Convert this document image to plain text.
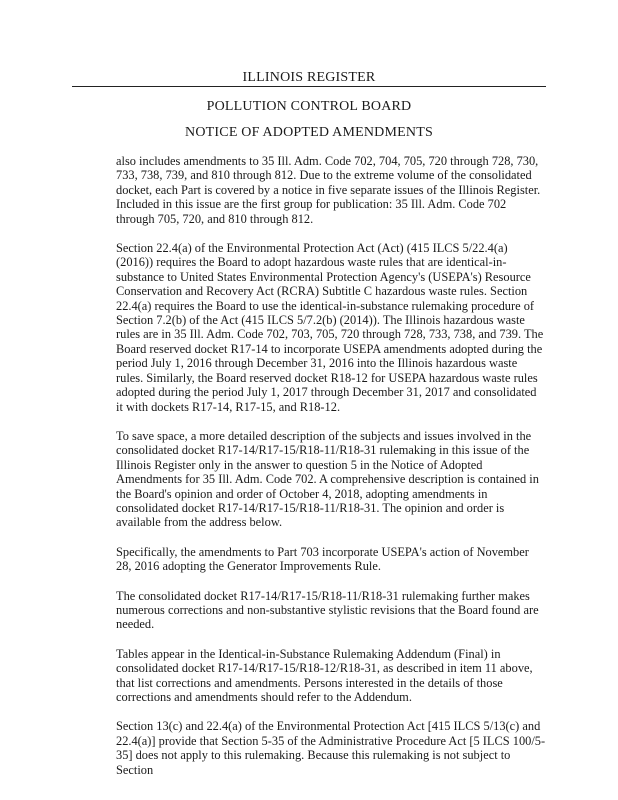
ILLINOIS REGISTER
POLLUTION CONTROL BOARD
NOTICE OF ADOPTED AMENDMENTS

also includes amendments to 35 Ill. Adm. Code 702, 704, 705, 720 through 728, 730, 733, 738, 739, and 810 through 812. Due to the extreme volume of the consolidated docket, each Part is covered by a notice in five separate issues of the Illinois Register. Included in this issue are the first group for publication: 35 Ill. Adm. Code 702 through 705, 720, and 810 through 812.

Section 22.4(a) of the Environmental Protection Act (Act) (415 ILCS 5/22.4(a) (2016)) requires the Board to adopt hazardous waste rules that are identical-in-substance to United States Environmental Protection Agency's (USEPA's) Resource Conservation and Recovery Act (RCRA) Subtitle C hazardous waste rules. Section 22.4(a) requires the Board to use the identical-in-substance rulemaking procedure of Section 7.2(b) of the Act (415 ILCS 5/7.2(b) (2014)). The Illinois hazardous waste rules are in 35 Ill. Adm. Code 702, 703, 705, 720 through 728, 733, 738, and 739. The Board reserved docket R17-14 to incorporate USEPA amendments adopted during the period July 1, 2016 through December 31, 2016 into the Illinois hazardous waste rules. Similarly, the Board reserved docket R18-12 for USEPA hazardous waste rules adopted during the period July 1, 2017 through December 31, 2017 and consolidated it with dockets R17-14, R17-15, and R18-12.

To save space, a more detailed description of the subjects and issues involved in the consolidated docket R17-14/R17-15/R18-11/R18-31 rulemaking in this issue of the Illinois Register only in the answer to question 5 in the Notice of Adopted Amendments for 35 Ill. Adm. Code 702. A comprehensive description is contained in the Board's opinion and order of October 4, 2018, adopting amendments in consolidated docket R17-14/R17-15/R18-11/R18-31. The opinion and order is available from the address below.

Specifically, the amendments to Part 703 incorporate USEPA's action of November 28, 2016 adopting the Generator Improvements Rule.

The consolidated docket R17-14/R17-15/R18-11/R18-31 rulemaking further makes numerous corrections and non-substantive stylistic revisions that the Board found are needed.

Tables appear in the Identical-in-Substance Rulemaking Addendum (Final) in consolidated docket R17-14/R17-15/R18-12/R18-31, as described in item 11 above, that list corrections and amendments. Persons interested in the details of those corrections and amendments should refer to the Addendum.

Section 13(c) and 22.4(a) of the Environmental Protection Act [415 ILCS 5/13(c) and 22.4(a)] provide that Section 5-35 of the Administrative Procedure Act [5 ILCS 100/5-35] does not apply to this rulemaking. Because this rulemaking is not subject to Section
